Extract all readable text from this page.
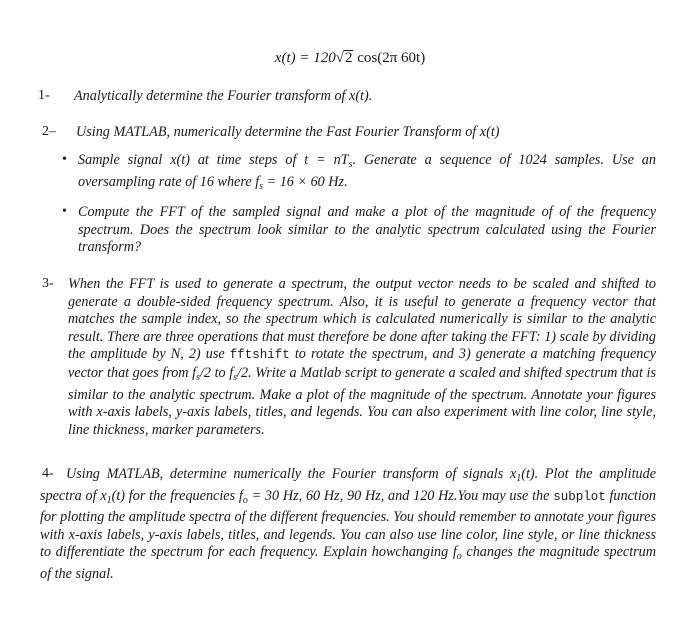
x(t) = 120√2 cos(2π 60t)
1- Analytically determine the Fourier transform of x(t).
2– Using MATLAB, numerically determine the Fast Fourier Transform of x(t)
• Sample signal x(t) at time steps of $t = nT_s$. Generate a sequence of 1024 samples. Use an oversampling rate of 16 where $f_s = 16 \times 60$ Hz.
• Compute the FFT of the sampled signal and make a plot of the magnitude of of the frequency spectrum. Does the spectrum look similar to the analytic spectrum calculated using the Fourier transform?
3- When the FFT is used to generate a spectrum, the output vector needs to be scaled and shifted to generate a double-sided frequency spectrum. Also, it is useful to generate a frequency vector that matches the sample index, so the spectrum which is calculated numerically is similar to the analytic result. There are three operations that must therefore be done after taking the FFT: 1) scale by dividing the amplitude by N, 2) use fftshift to rotate the spectrum, and 3) generate a matching frequency vector that goes from $f_s/2$ to $f_s/2$. Write a Matlab script to generate a scaled and shifted spectrum that is similar to the analytic spectrum. Make a plot of the magnitude of the spectrum. Annotate your figures with x-axis labels, y-axis labels, titles, and legends. You can also experiment with line color, line style, line thickness, marker parameters.
4- Using MATLAB, determine numerically the Fourier transform of signals $x_1(t)$. Plot the amplitude spectra of $x_1(t)$ for the frequencies $f_o = 30$ Hz, 60 Hz, 90 Hz, and 120 Hz.You may use the subplot function for plotting the amplitude spectra of the different frequencies. You should remember to annotate your figures with x-axis labels, y-axis labels, titles, and legends. You can also use line color, line style, or line thickness to differentiate the spectrum for each frequency. Explain howchanging $f_o$ changes the magnitude spectrum of the signal.
